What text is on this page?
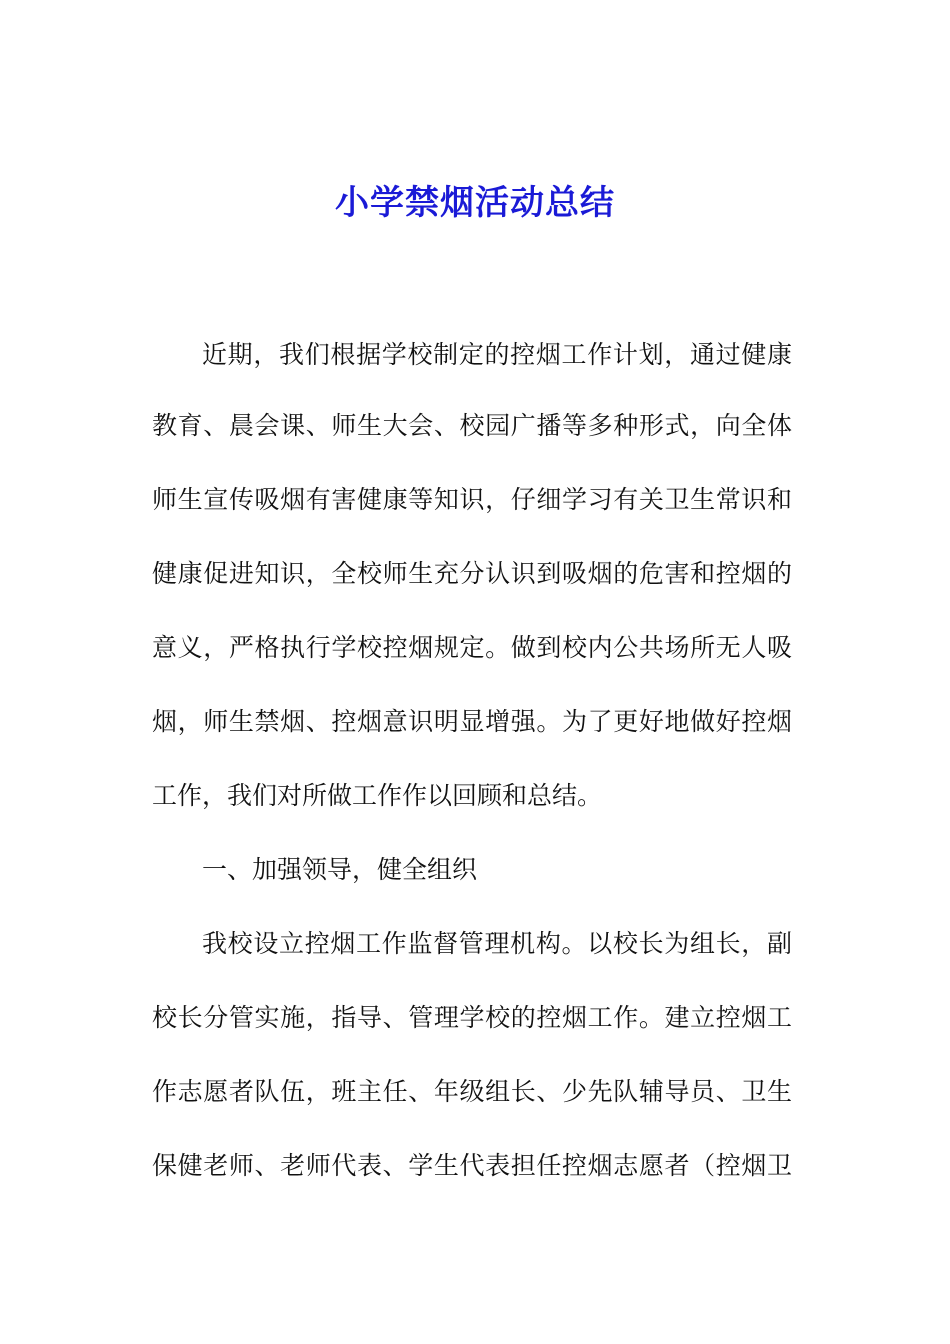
小学禁烟活动总结
近期，我们根据学校制定的控烟工作计划，通过健康
教育、晨会课、师生大会、校园广播等多种形式，向全体
师生宣传吸烟有害健康等知识，仔细学习有关卫生常识和
健康促进知识，全校师生充分认识到吸烟的危害和控烟的
意义，严格执行学校控烟规定。做到校内公共场所无人吸
烟，师生禁烟、控烟意识明显增强。为了更好地做好控烟
工作，我们对所做工作作以回顾和总结。
一、加强领导，健全组织
我校设立控烟工作监督管理机构。以校长为组长，副
校长分管实施，指导、管理学校的控烟工作。建立控烟工
作志愿者队伍，班主任、年级组长、少先队辅导员、卫生
保健老师、老师代表、学生代表担任控烟志愿者（控烟卫
